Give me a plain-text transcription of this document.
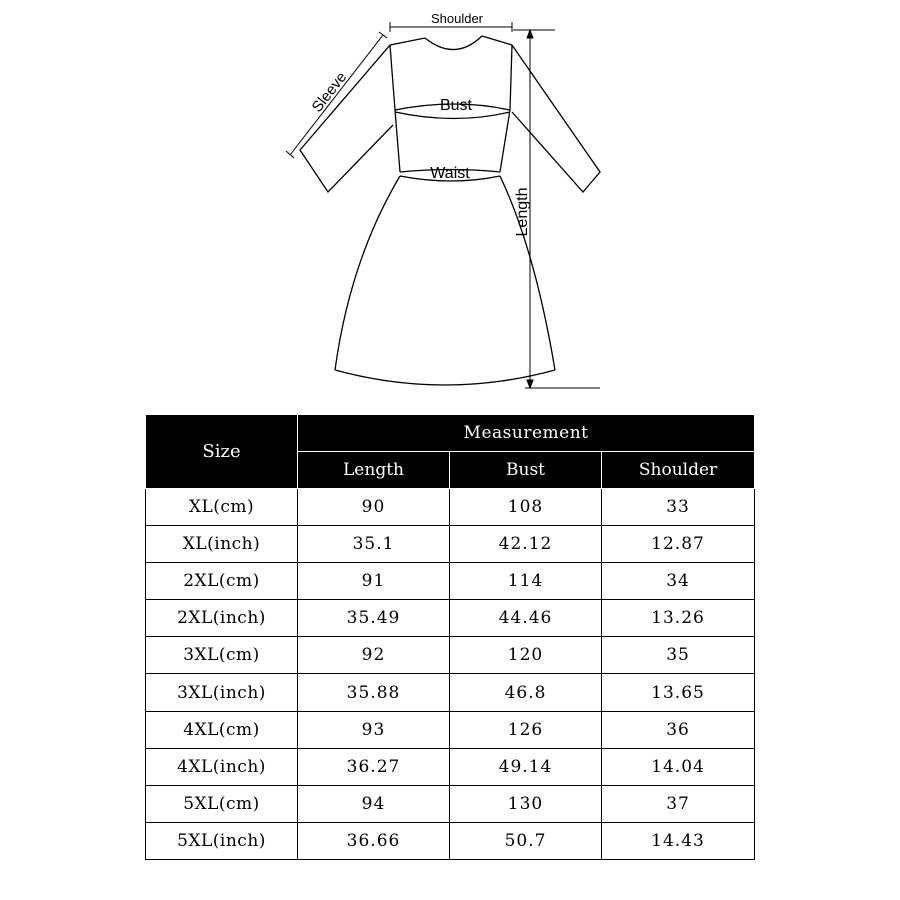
Shoulder
Sleeve	Bust
Waist
Length
Size	Measurement		
	Length	Bust	Shoulder
XL(cm)	90	108	33
XL(inch)	35.1	42.12	12.87
2XL(cm)	91	114	34
2XL(inch)	35.49	44.46	13.26
3XL(cm)	92	120	35
3XL(inch)	35.88	46.8	13.65
4XL(cm)	93	126	36
4XL(inch)	36.27	49.14	14.04
5XL(cm)	94	130	37
5XL(inch)	36.66	50.7	14.43
